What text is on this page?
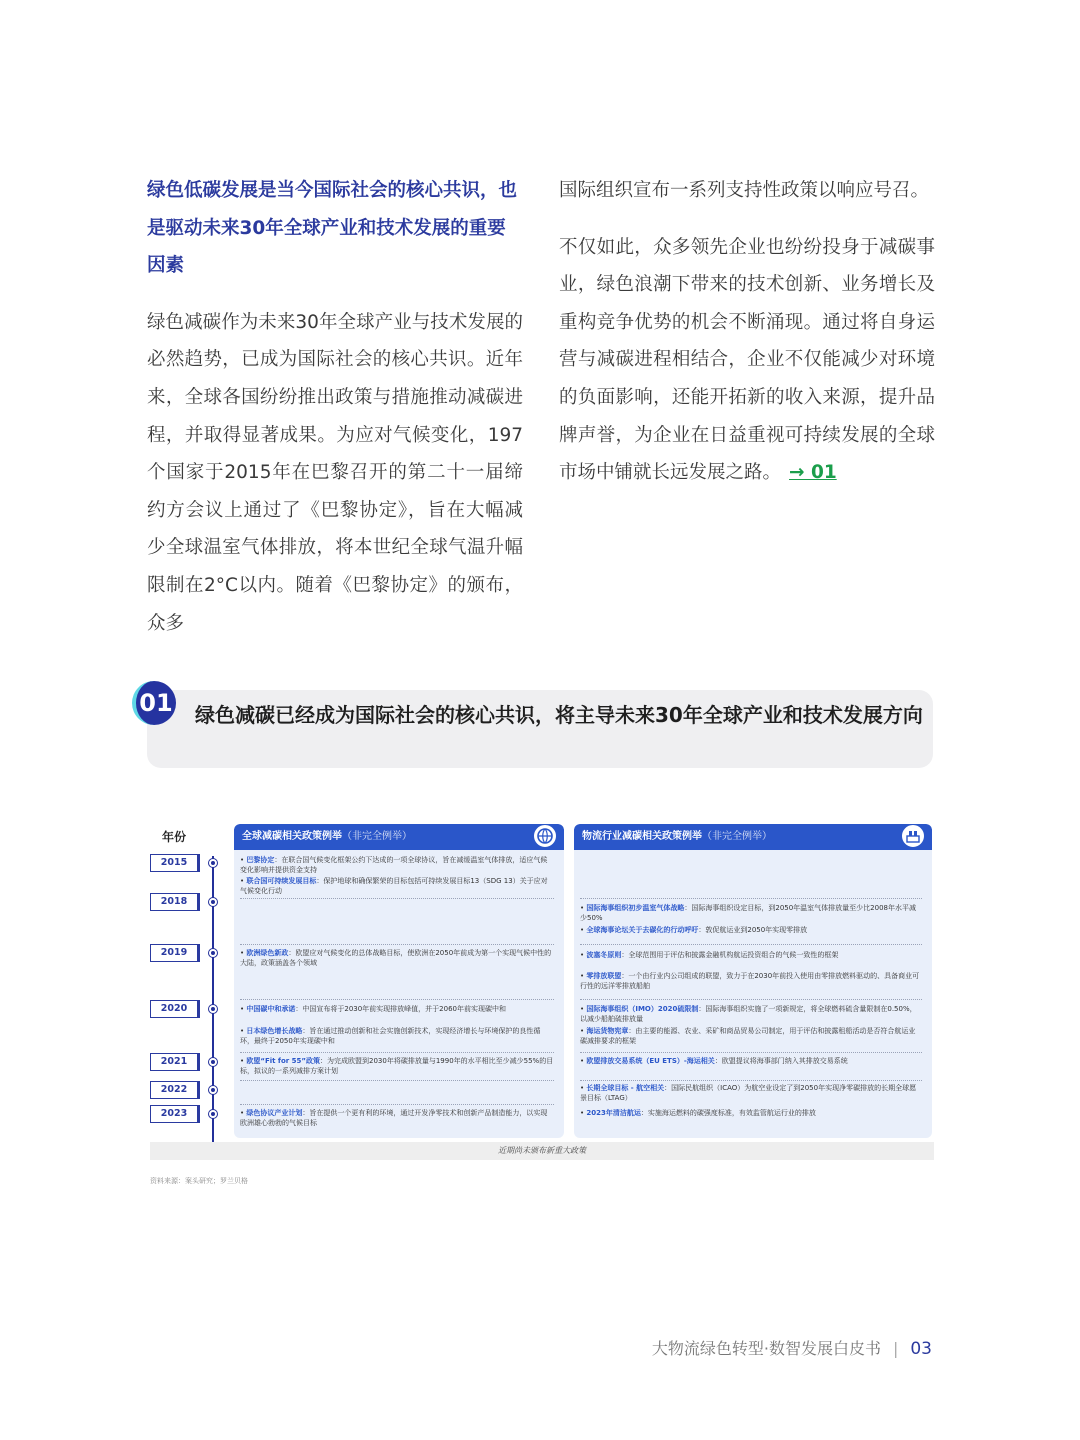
绿色低碳发展是当今国际社会的核心共识，也是驱动未来30年全球产业和技术发展的重要因素

绿色减碳作为未来30年全球产业与技术发展的必然趋势，已成为国际社会的核心共识。近年来，全球各国纷纷推出政策与措施推动减碳进程，并取得显著成果。为应对气候变化，197个国家于2015年在巴黎召开的第二十一届缔约方会议上通过了《巴黎协定》，旨在大幅减少全球温室气体排放，将本世纪全球气温升幅限制在2°C以内。随着《巴黎协定》的颁布，众多

国际组织宣布一系列支持性政策以响应号召。

不仅如此，众多领先企业也纷纷投身于减碳事业，绿色浪潮下带来的技术创新、业务增长及重构竞争优势的机会不断涌现。通过将自身运营与减碳进程相结合，企业不仅能减少对环境的负面影响，还能开拓新的收入来源，提升品牌声誉，为企业在日益重视可持续发展的全球市场中铺就长远发展之路。 → 01

01 绿色减碳已经成为国际社会的核心共识，将主导未来30年全球产业和技术发展方向
年份
2015
2018
2019
2020
2021
2022
2023
全球减碳相关政策例举（非完全例举）
• 巴黎协定：在联合国气候变化框架公约下达成的一项全球协议，旨在减缓温室气体排放，适应气候变化影响并提供资金支持
• 联合国可持续发展目标：保护地球和确保繁荣的目标包括可持续发展目标13（SDG 13）关于应对气候变化行动
• 欧洲绿色新政：欧盟应对气候变化的总体战略目标，使欧洲在2050年前成为第一个实现气候中性的大陆，政策涵盖各个领域
• 中国碳中和承诺：中国宣布将于2030年前实现排放峰值，并于2060年前实现碳中和
• 日本绿色增长战略：旨在通过推动创新和社会实施创新技术，实现经济增长与环境保护的良性循环，最终于2050年实现碳中和
• 欧盟“Fit for 55”政策：为完成欧盟到2030年将碳排放量与1990年的水平相比至少减少55%的目标，拟议的一系列减排方案计划
• 绿色协议产业计划：旨在提供一个更有利的环境，通过开发净零技术和创新产品制造能力，以实现欧洲雄心勃勃的气候目标
物流行业减碳相关政策例举（非完全例举）
• 国际海事组织初步温室气体战略：国际海事组织设定目标，到2050年温室气体排放量至少比2008年水平减少50%
• 全球海事论坛关于去碳化的行动呼吁：敦促航运业到2050年实现零排放
• 波塞冬原则：全球范围用于评估和披露金融机构航运投资组合的气候一致性的框架
• 零排放联盟：一个由行业内公司组成的联盟，致力于在2030年前投入使用由零排放燃料驱动的、具备商业可行性的远洋零排放船舶
• 国际海事组织（IMO）2020硫限制：国际海事组织实施了一项新规定，将全球燃料硫含量限制在0.50%，以减少船舶硫排放量
• 海运货物宪章：由主要的能源、农业、采矿和商品贸易公司制定，用于评估和披露租船活动是否符合航运业碳减排要求的框架
• 欧盟排放交易系统（EU ETS）-海运相关：欧盟提议将海事部门纳入其排放交易系统
• 长期全球目标 - 航空相关：国际民航组织（ICAO）为航空业设定了到2050年实现净零碳排放的长期全球愿景目标（LTAG）
• 2023年清洁航运：实施海运燃料的碳强度标准，有效监管航运行业的排放
近期尚未颁布新重大政策
资料来源：案头研究；罗兰贝格
大物流绿色转型·数智发展白皮书 | 03
